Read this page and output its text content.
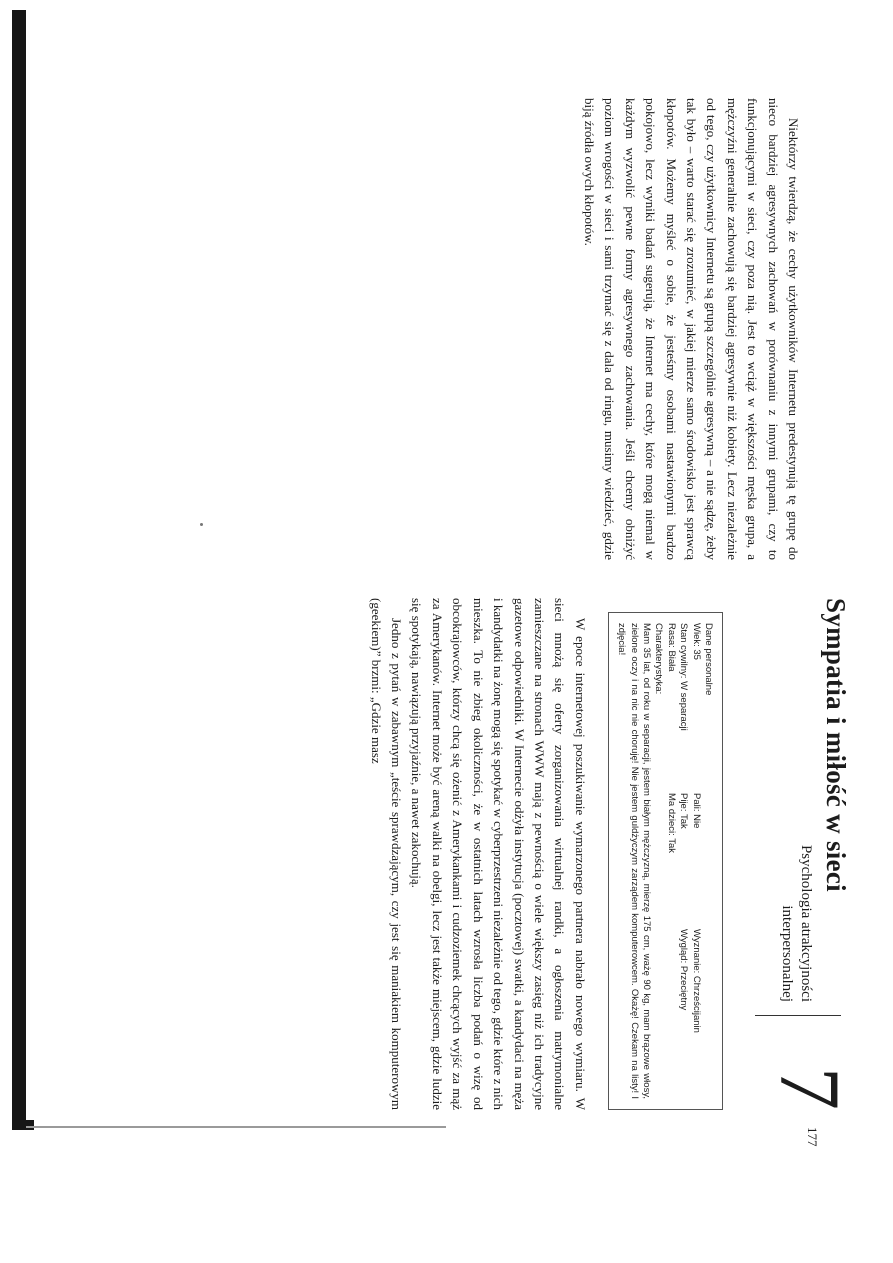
Niektórzy twierdzą, że cechy użytkowników Internetu predestynują tę grupę do nieco bardziej agresywnych zachowań w porównaniu z innymi grupami, czy to funkcjonującymi w sieci, czy poza nią. Jest to wciąż w większości męska grupa, a mężczyźni generalnie zachowują się bardziej agresywnie niż kobiety. Lecz niezależnie od tego, czy użytkownicy Internetu są grupą szczególnie agresywną – a nie sądzę, żeby tak było – warto starać się zrozumieć, w jakiej mierze samo środowisko jest sprawcą kłopotów. Możemy myśleć o sobie, że jesteśmy osobami nastawionymi bardzo pokojowo, lecz wyniki badań sugerują, że Internet ma cechy, które mogą niemal w każdym wyzwolić pewne formy agresywnego zachowania. Jeśli chcemy obniżyć poziom wrogości w sieci i sami trzymać się z dala od ringu, musimy wiedzieć, gdzie biją źródła owych kłopotów.

Sympatia i miłość w sieci
Psychologia atrakcyjności
interpersonalnej
7
Dane personalne
Wiek: 35
Pali: Nie
Wyznanie: Chrześcijanin
Stan cywilny: W separacji
Pije: Tak
Wygląd: Przeciętny
Rasa: Biała
Ma dzieci: Tak
Charakterystyka:
Mam 35 lat, od roku w separacji, jestem białym mężczyzną, mierzę 175 cm, ważę 90 kg, mam brązowe włosy, zielone oczy i na nic nie choruję! Nie jestem guldżyczym zarządem komputerowcem. Okażę! Czekam na listy! I zdjęcia!

W epoce internetowej poszukiwanie wymarzonego partnera nabrało nowego wymiaru. W sieci mnożą się oferty zorganizowania wirtualnej randki, a ogłoszenia matrymonialne zamieszczane na stronach WWW mają z pewnością o wiele większy zasięg niż ich tradycyjne gazetowe odpowiedniki. W Internecie odżyła instytucja (pocztowej) swatki, a kandydaci na męża i kandydatki na żonę mogą się spotykać w cyberprzestrzeni niezależnie od tego, gdzie które z nich mieszka. To nie zbieg okoliczności, że w ostatnich latach wzrosła liczba podań o wizę od obcokrajowców, którzy chcą się ożenić z Amerykankami i cudzoziemek chcących wyjść za mąż za Amerykanów. Internet może być areną walki na obelgi, lecz jest także miejscem, gdzie ludzie się spotykają, nawiązują przyjaźnie, a nawet zakochują.

Jedno z pytań w zabawnym „teście sprawdzającym, czy jest się maniakiem komputerowym (geekiem)” brzmi: „Gdzie masz

177
